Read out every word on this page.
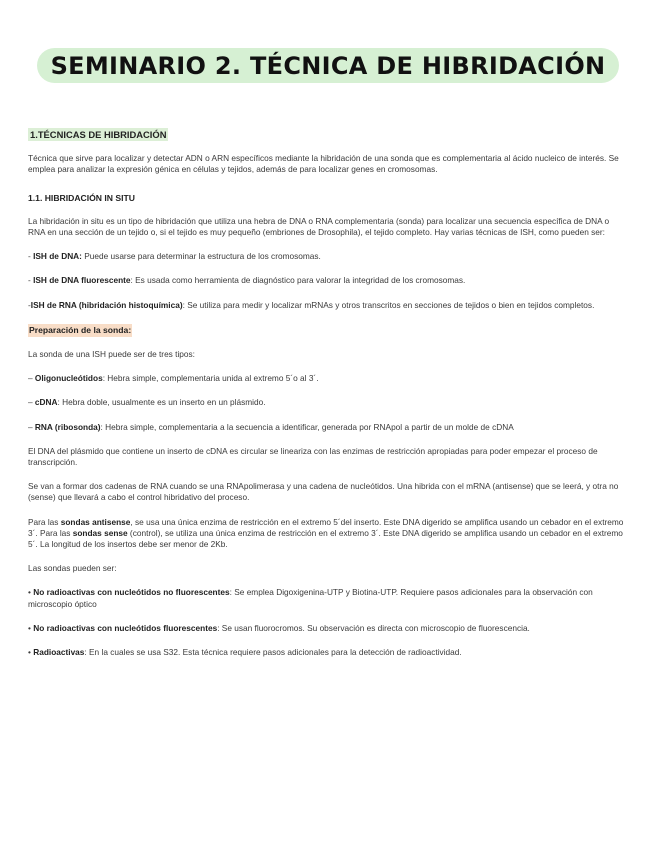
SEMINARIO 2. TÉCNICA DE HIBRIDACIÓN
1.TÉCNICAS DE HIBRIDACIÓN

Técnica que sirve para localizar y detectar ADN o ARN específicos mediante la hibridación de una sonda que es complementaria al ácido nucleico de interés. Se emplea para analizar la expresión génica en células y tejidos, además de para localizar genes en cromosomas.

1.1. HIBRIDACIÓN IN SITU

La hibridación in situ es un tipo de hibridación que utiliza una hebra de DNA o RNA complementaria (sonda) para localizar una secuencia específica de DNA o RNA en una sección de un tejido o, si el tejido es muy pequeño (embriones de Drosophila), el tejido completo. Hay varias técnicas de ISH, como pueden ser:

- ISH de DNA: Puede usarse para determinar la estructura de los cromosomas.

- ISH de DNA fluorescente: Es usada como herramienta de diagnóstico para valorar la integridad de los cromosomas.

-ISH de RNA (hibridación histoquímica): Se utiliza para medir y localizar mRNAs y otros transcritos en secciones de tejidos o bien en tejidos completos.

Preparación de la sonda:

La sonda de una ISH puede ser de tres tipos:

– Oligonucleótidos: Hebra simple, complementaria unida al extremo 5´o al 3´.

– cDNA: Hebra doble, usualmente es un inserto en un plásmido.

– RNA (ribosonda): Hebra simple, complementaria a la secuencia a identificar, generada por RNApol a partir de un molde de cDNA

El DNA del plásmido que contiene un inserto de cDNA es circular se lineariza con las enzimas de restricción apropiadas para poder empezar el proceso de transcripción.

Se van a formar dos cadenas de RNA cuando se una RNApolimerasa y una cadena de nucleótidos. Una hibrida con el mRNA (antisense) que se leerá, y otra no (sense) que llevará a cabo el control hibridativo del proceso.

Para las sondas antisense, se usa una única enzima de restricción en el extremo 5´del inserto. Este DNA digerido se amplifica usando un cebador en el extremo 3´. Para las sondas sense (control), se utiliza una única enzima de restricción en el extremo 3´. Este DNA digerido se amplifica usando un cebador en el extremo 5´. La longitud de los insertos debe ser menor de 2Kb.

Las sondas pueden ser:

• No radioactivas con nucleótidos no fluorescentes: Se emplea Digoxigenina-UTP y Biotina-UTP. Requiere pasos adicionales para la observación con microscopio óptico

• No radioactivas con nucleótidos fluorescentes: Se usan fluorocromos. Su observación es directa con microscopio de fluorescencia.

• Radioactivas: En la cuales se usa S32. Esta técnica requiere pasos adicionales para la detección de radioactividad.
